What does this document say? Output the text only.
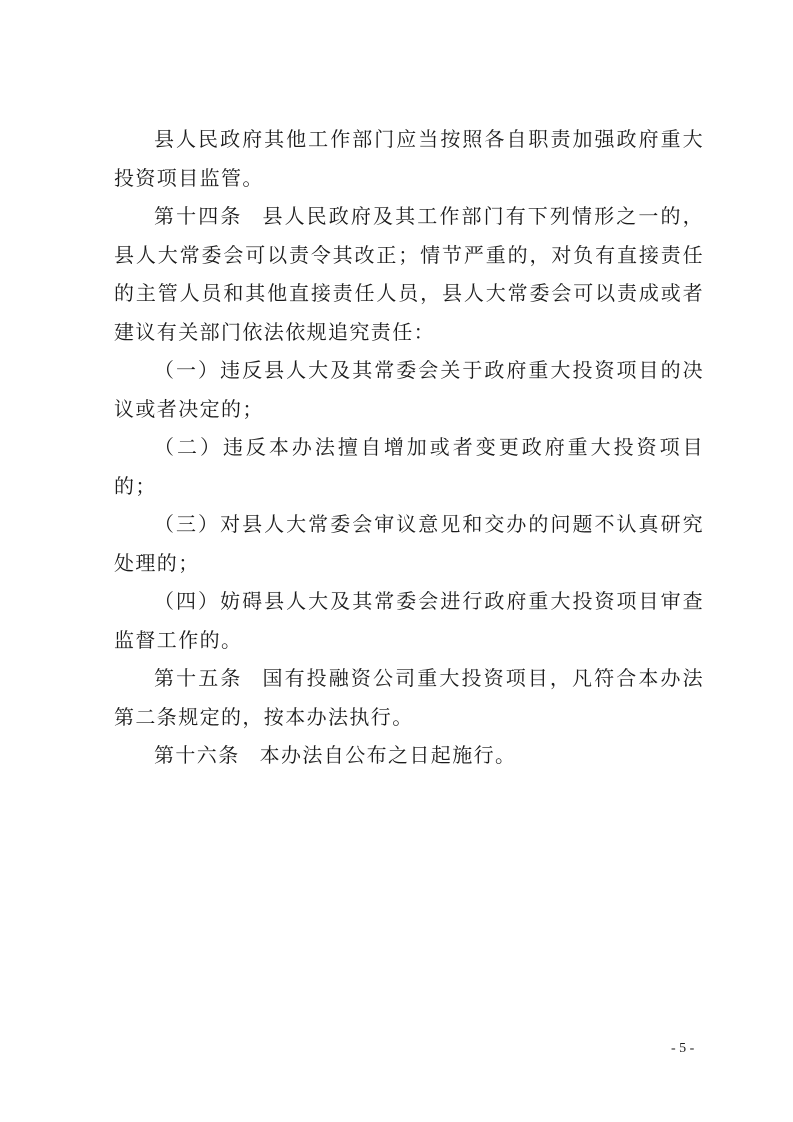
县人民政府其他工作部门应当按照各自职责加强政府重大投资项目监管。

第十四条 县人民政府及其工作部门有下列情形之一的，县人大常委会可以责令其改正；情节严重的，对负有直接责任的主管人员和其他直接责任人员，县人大常委会可以责成或者建议有关部门依法依规追究责任：

（一）违反县人大及其常委会关于政府重大投资项目的决议或者决定的；

（二）违反本办法擅自增加或者变更政府重大投资项目的；

（三）对县人大常委会审议意见和交办的问题不认真研究处理的；

（四）妨碍县人大及其常委会进行政府重大投资项目审查监督工作的。

第十五条 国有投融资公司重大投资项目，凡符合本办法第二条规定的，按本办法执行。

第十六条 本办法自公布之日起施行。

- 5 -
